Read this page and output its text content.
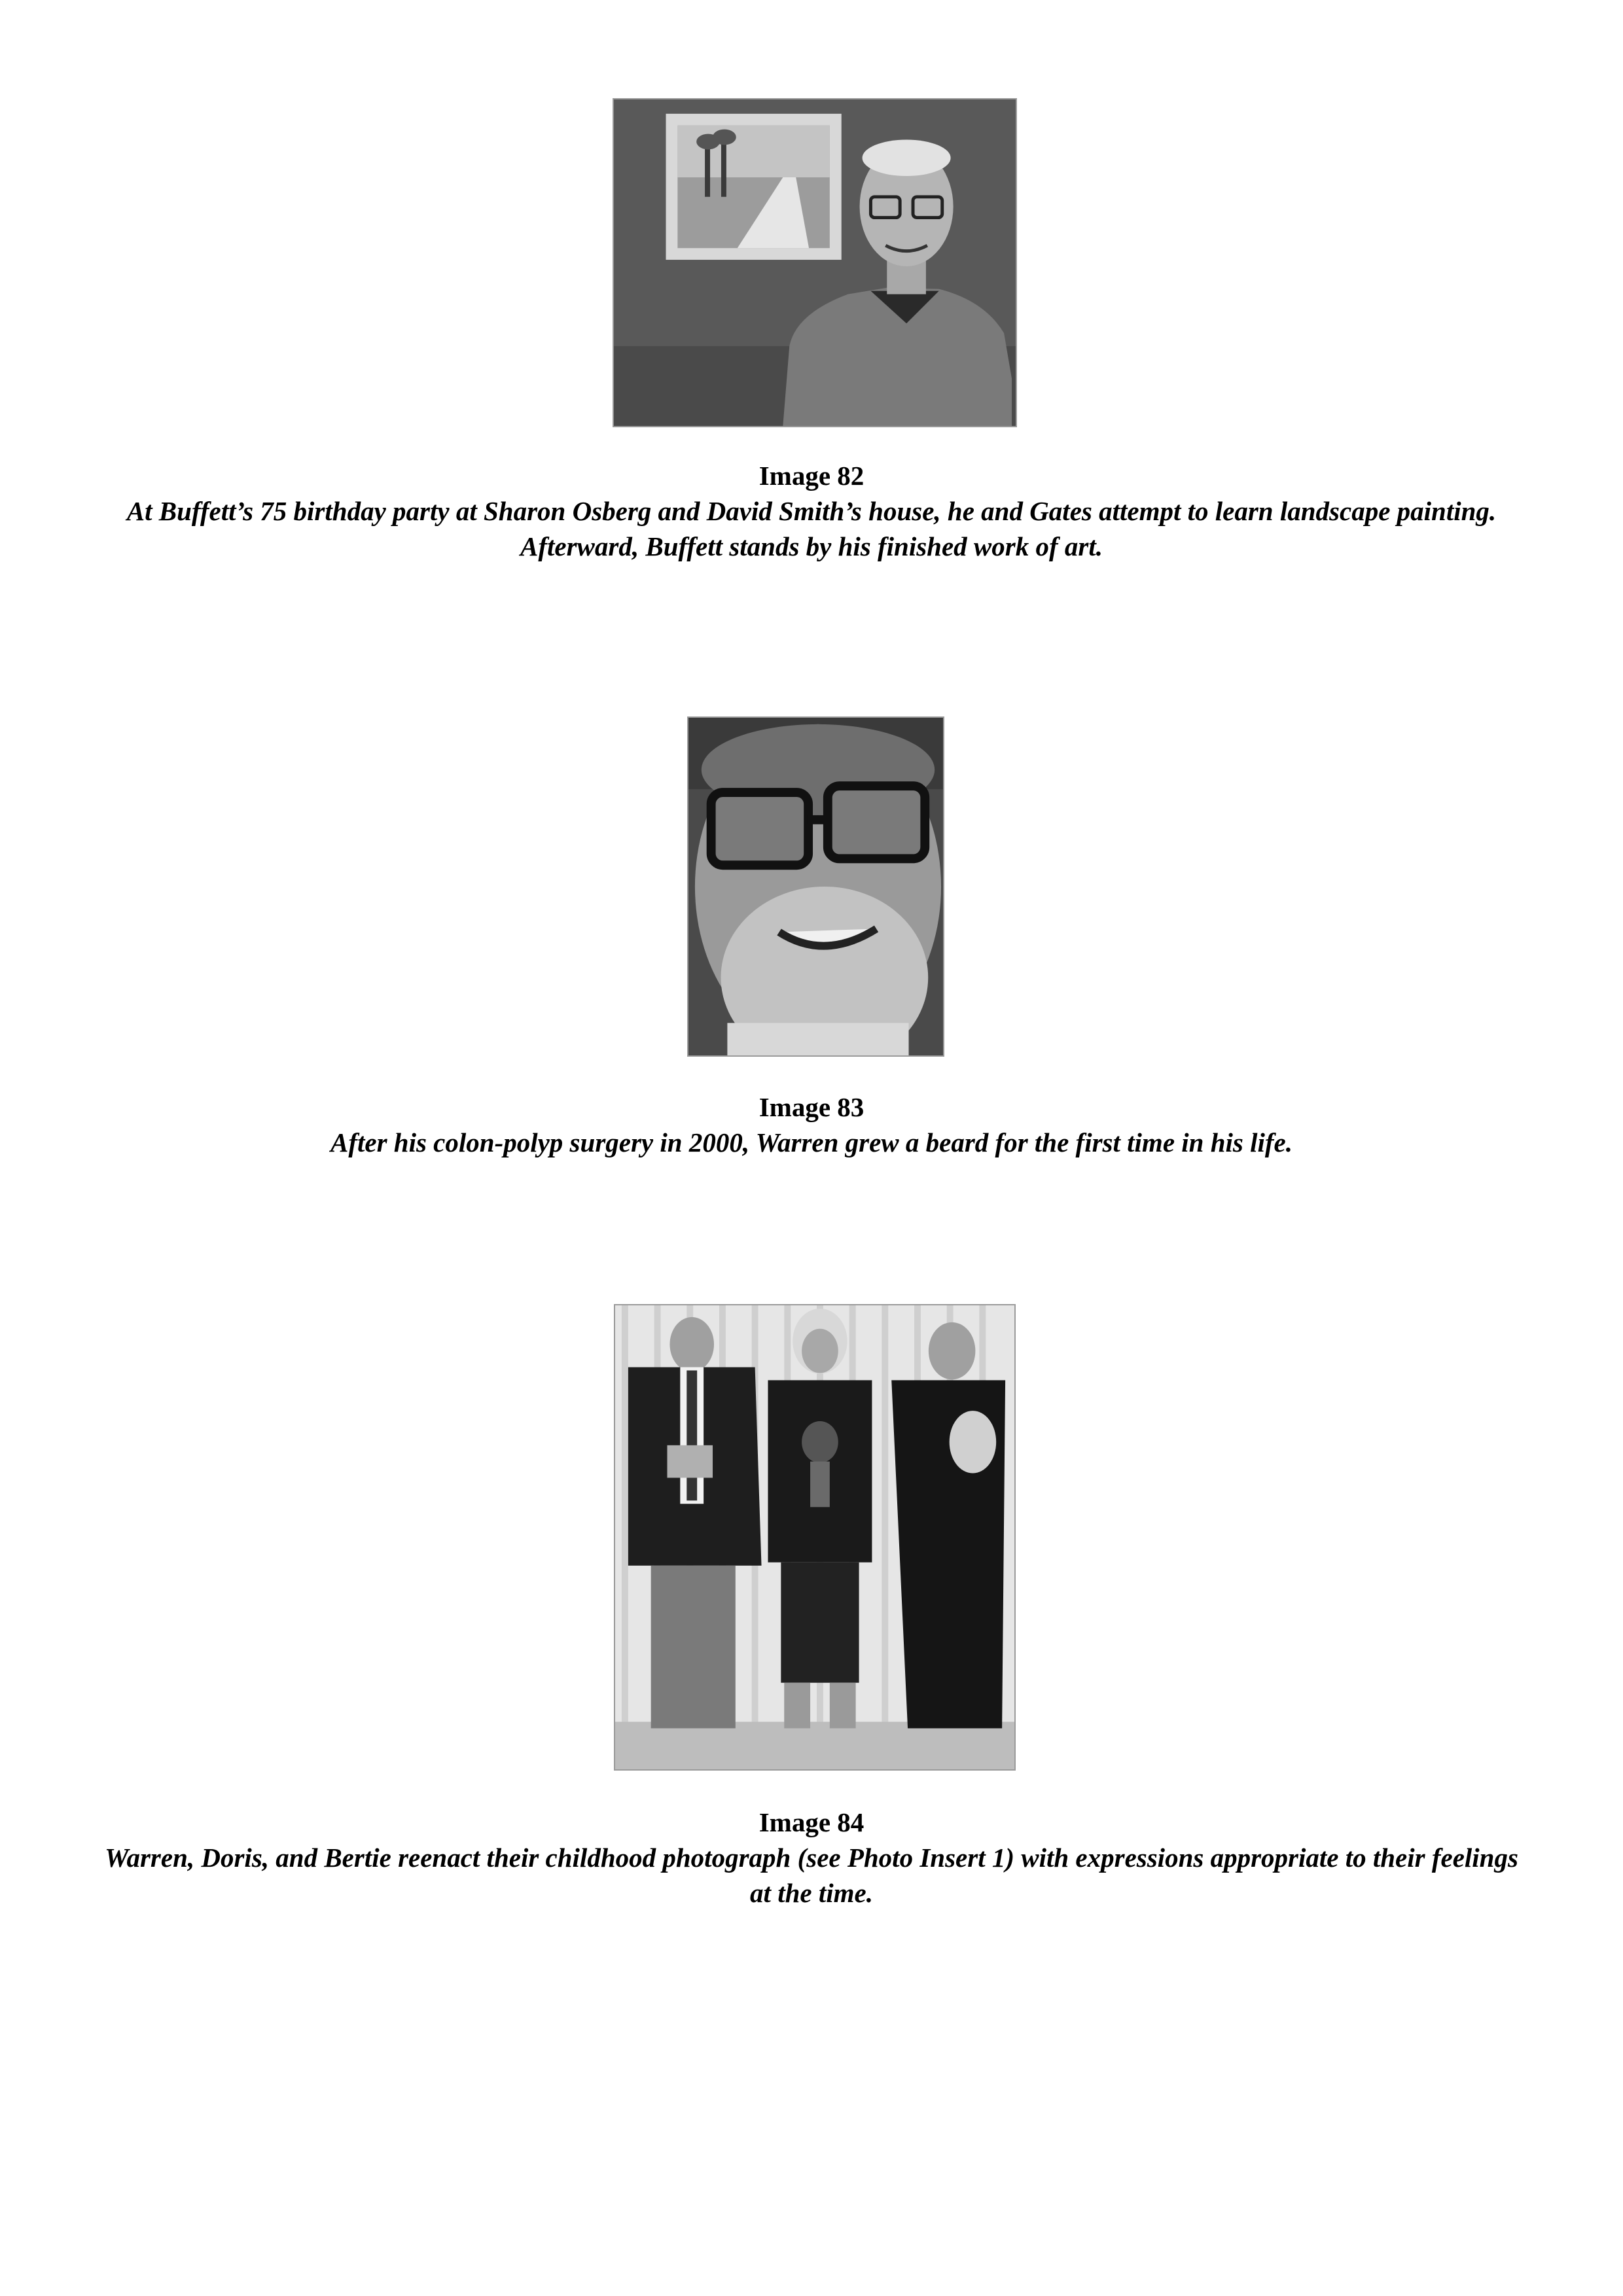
Image 82
At Buffett’s 75 birthday party at Sharon Osberg and David Smith’s house, he and Gates attempt to learn landscape painting. Afterward, Buffett stands by his finished work of art.
Image 83
After his colon-polyp surgery in 2000, Warren grew a beard for the first time in his life.
Image 84
Warren, Doris, and Bertie reenact their childhood photograph (see Photo Insert 1) with expressions appropriate to their feelings at the time.
